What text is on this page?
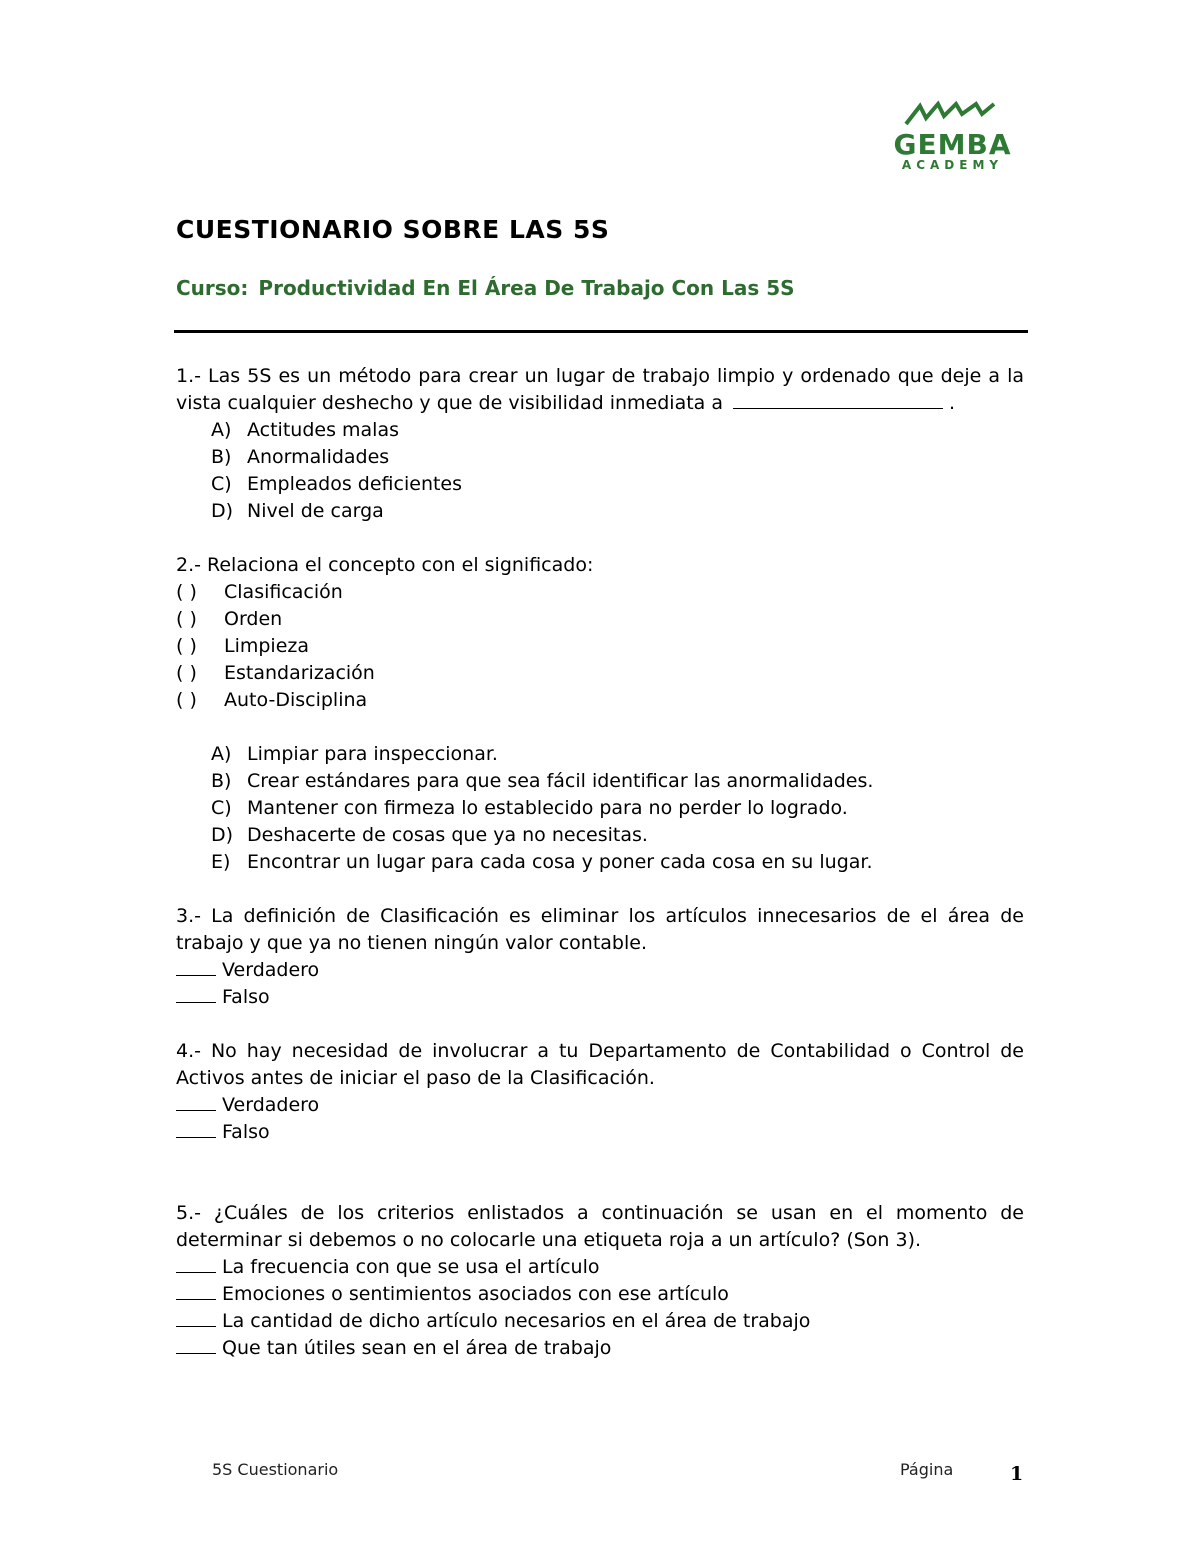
GEMBA
ACADEMY
CUESTIONARIO SOBRE LAS 5S
Curso: Productividad En El Área De Trabajo Con Las 5S

1.- Las 5S es un método para crear un lugar de trabajo limpio y ordenado que deje a la vista cualquier deshecho y que de visibilidad inmediata a	.

A) Actitudes malas
B) Anormalidades
C) Empleados deficientes
D) Nivel de carga

2.- Relaciona el concepto con el significado:

( )	Clasificación
( )	Orden
( )	Limpieza
( )	Estandarización
( )	Auto-Disciplina
A) Limpiar para inspeccionar.
B) Crear estándares para que sea fácil identificar las anormalidades.
C) Mantener con firmeza lo establecido para no perder lo logrado.
D) Deshacerte de cosas que ya no necesitas.
E) Encontrar un lugar para cada cosa y poner cada cosa en su lugar.

3.- La definición de Clasificación es eliminar los artículos innecesarios de el área de trabajo y que ya no tienen ningún valor contable.

Verdadero
Falso

4.- No hay necesidad de involucrar a tu Departamento de Contabilidad o Control de Activos antes de iniciar el paso de la Clasificación.

Verdadero
Falso

5.- ¿Cuáles de los criterios enlistados a continuación se usan en el momento de determinar si debemos o no colocarle una etiqueta roja a un artículo? (Son 3).

La frecuencia con que se usa el artículo
Emociones o sentimientos asociados con ese artículo
La cantidad de dicho artículo necesarios en el área de trabajo
Que tan útiles sean en el área de trabajo
5S Cuestionario	Página	1
